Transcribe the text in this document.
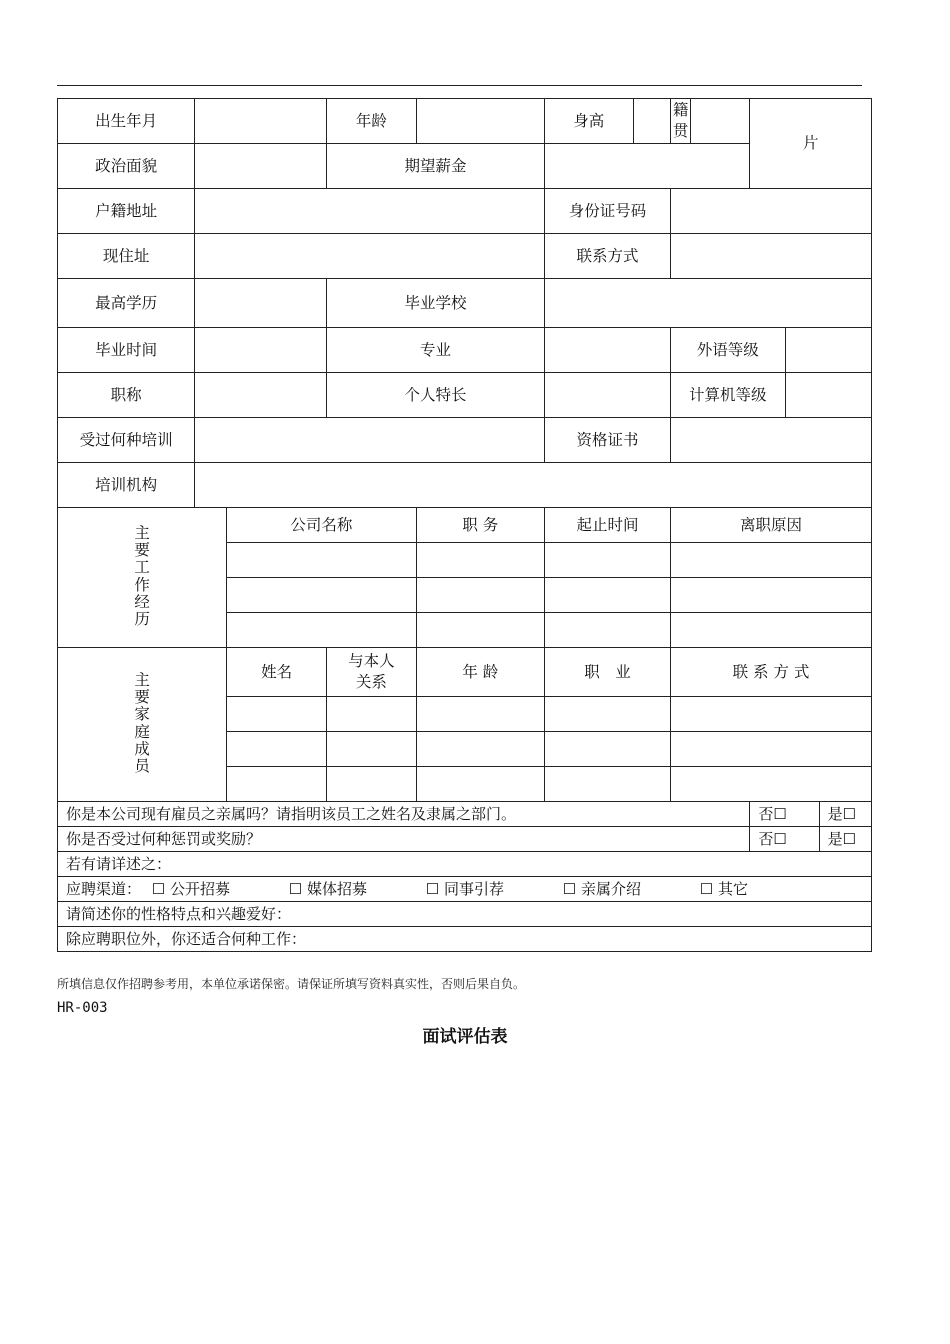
出生年月			年龄		身高		籍贯		片		
政治面貌			期望薪金								
户籍地址					身份证号码						
现住址					联系方式						
最高学历			毕业学校								
毕业时间			专业				外语等级				
职称			个人特长				计算机等级				
受过何种培训					资格证书						
培训机构											
主要工作经历		公司名称		职 务	起止时间		离职原因				

主要家庭成员		姓名	与本人关系	年 龄	职　业		联 系 方 式				

你是本公司现有雇员之亲属吗？请指明该员工之姓名及隶属之部门。									否☐		是☐
你是否受过何种惩罚或奖励？									否☐		是☐
若有请详述之：											
应聘渠道： ☐ 公开招募 ☐ 媒体招募 ☐ 同事引荐 ☐ 亲属介绍 ☐ 其它											
请简述你的性格特点和兴趣爱好：											
除应聘职位外，你还适合何种工作：											
所填信息仅作招聘参考用，本单位承诺保密。请保证所填写资料真实性，否则后果自负。
HR-003
面试评估表
